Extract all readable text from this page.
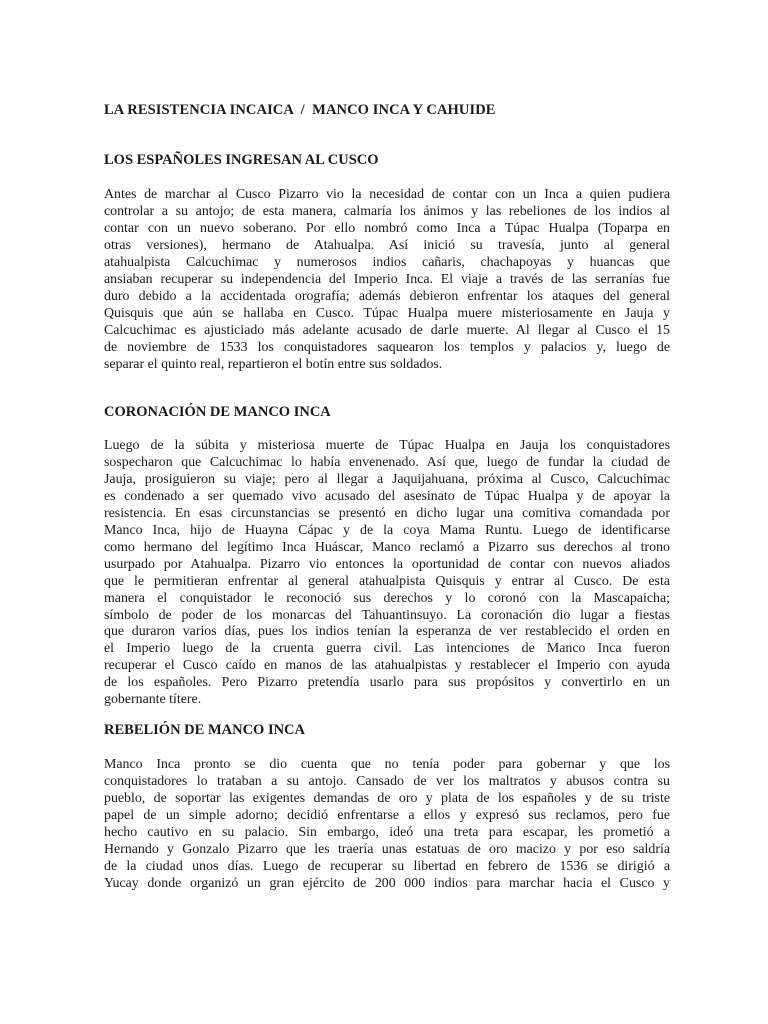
LA RESISTENCIA INCAICA  /  MANCO INCA Y CAHUIDE
LOS ESPAÑOLES INGRESAN AL CUSCO

Antes de marchar al Cusco Pizarro vio la necesidad de contar con un Inca a quien pudiera
controlar a su antojo; de esta manera, calmaría los ánimos y las rebeliones de los indios al
contar con un nuevo soberano. Por ello nombró como Inca a Túpac Hualpa (Toparpa en
otras versiones), hermano de Atahualpa. Así inició su travesía, junto al general
atahualpista Calcuchimac y numerosos indios cañaris, chachapoyas y huancas que
ansiaban recuperar su independencia del Imperio Inca. El viaje a través de las serranías fue
duro debido a la accidentada orografía; además debieron enfrentar los ataques del general
Quisquis que aún se hallaba en Cusco. Túpac Hualpa muere misteriosamente en Jauja y
Calcuchimac es ajusticiado más adelante acusado de darle muerte. Al llegar al Cusco el 15
de noviembre de 1533 los conquistadores saquearon los templos y palacios y, luego de
separar el quinto real, repartieron el botín entre sus soldados.

CORONACIÓN DE MANCO INCA

Luego de la súbita y misteriosa muerte de Túpac Hualpa en Jauja los conquistadores
sospecharon que Calcuchimac lo había envenenado. Así que, luego de fundar la ciudad de
Jauja, prosiguieron su viaje; pero al llegar a Jaquijahuana, próxima al Cusco, Calcuchimac
es condenado a ser quemado vivo acusado del asesinato de Túpac Hualpa y de apoyar la
resistencia. En esas circunstancias se presentó en dicho lugar una comitiva comandada por
Manco Inca, hijo de Huayna Cápac y de la coya Mama Runtu. Luego de identificarse
como hermano del legítimo Inca Huáscar, Manco reclamó a Pizarro sus derechos al trono
usurpado por Atahualpa. Pizarro vio entonces la oportunidad de contar con nuevos aliados
que le permitieran enfrentar al general atahualpista Quisquis y entrar al Cusco. De esta
manera el conquistador le reconoció sus derechos y lo coronó con la Mascapaicha;
símbolo de poder de los monarcas del Tahuantinsuyo. La coronación dio lugar a fiestas
que duraron varios días, pues los indios tenían la esperanza de ver restablecido el orden en
el Imperio luego de la cruenta guerra civil. Las intenciones de Manco Inca fueron
recuperar el Cusco caído en manos de las atahualpistas y restablecer el Imperio con ayuda
de los españoles. Pero Pizarro pretendía usarlo para sus propósitos y convertirlo en un
gobernante títere.

REBELIÓN DE MANCO INCA

Manco Inca pronto se dio cuenta que no tenía poder para gobernar y que los
conquistadores lo trataban a su antojo. Cansado de ver los maltratos y abusos contra su
pueblo, de soportar las exigentes demandas de oro y plata de los españoles y de su triste
papel de un simple adorno; decidió enfrentarse a ellos y expresó sus reclamos, pero fue
hecho cautivo en su palacio. Sin embargo, ideó una treta para escapar, les prometió a
Hernando y Gonzalo Pizarro que les traería unas estatuas de oro macizo y por eso saldría
de la ciudad unos días. Luego de recuperar su libertad en febrero de 1536 se dirigió a
Yucay donde organizó un gran ejército de 200 000 indios para marchar hacia el Cusco y
